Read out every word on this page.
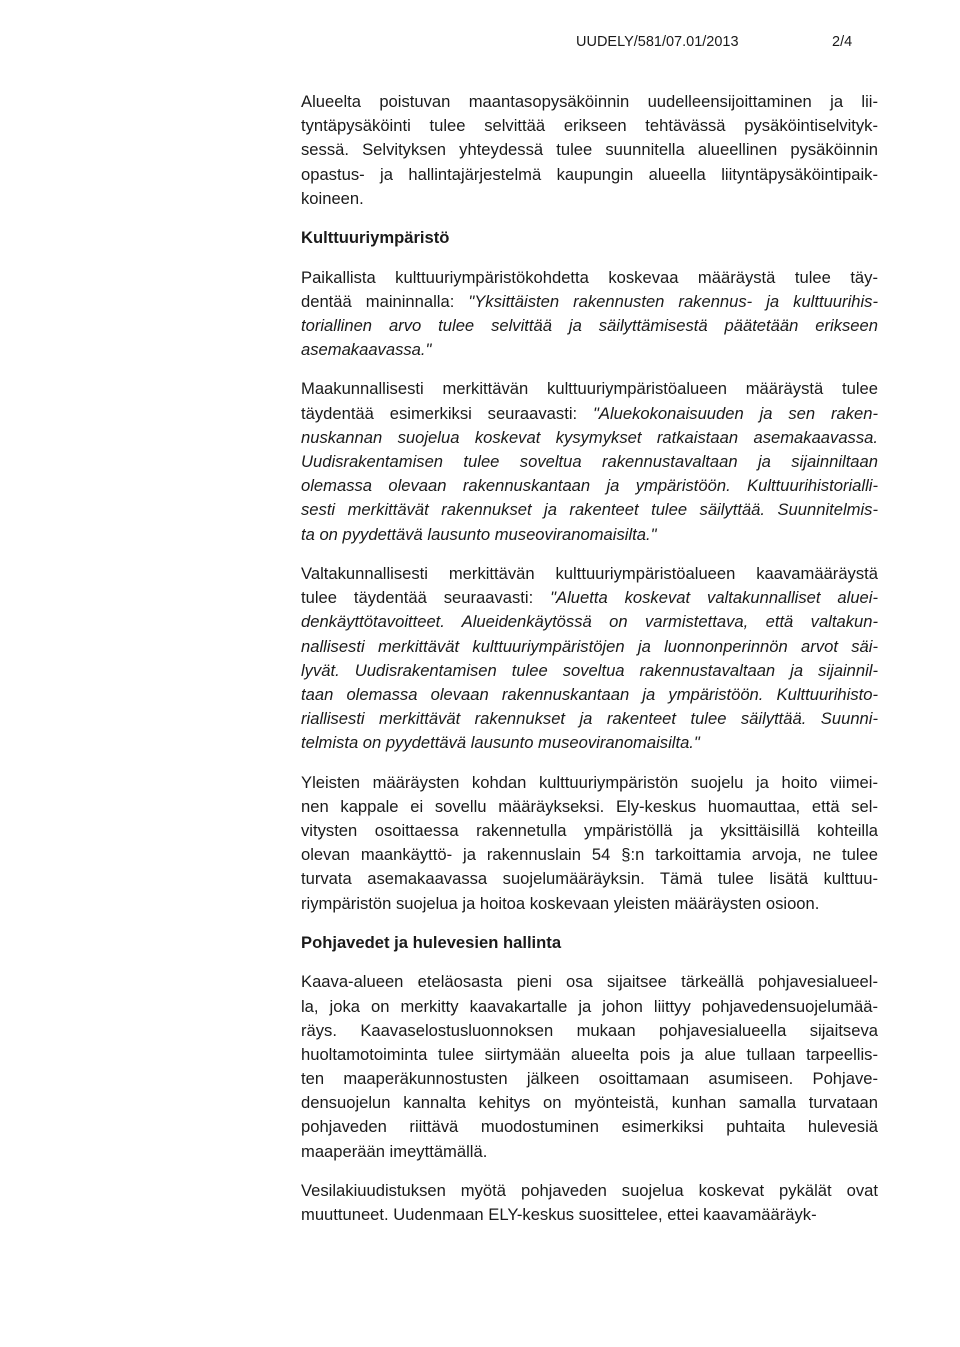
UUDELY/581/07.01/2013	2/4
Alueelta poistuvan maantasopysäköinnin uudelleensijoittaminen ja lii-
tyntäpysäköinti tulee selvittää erikseen tehtävässä pysäköintiselvityk-
sessä. Selvityksen yhteydessä tulee suunnitella alueellinen pysäköinnin
opastus- ja hallintajärjestelmä kaupungin alueella liityntäpysäköintipaik-
koineen.
Kulttuuriympäristö
Paikallista kulttuuriympäristökohdetta koskevaa määräystä tulee täy-
dentää maininnalla: "Yksittäisten rakennusten rakennus- ja kulttuurihis-
toriallinen arvo tulee selvittää ja säilyttämisestä päätetään erikseen
asemakaavassa."
Maakunnallisesti merkittävän kulttuuriympäristöalueen määräystä tulee
täydentää esimerkiksi seuraavasti: "Aluekokonaisuuden ja sen raken-
nuskannan suojelua koskevat kysymykset ratkaistaan asemakaavassa.
Uudisrakentamisen tulee soveltua rakennustavaltaan ja sijainniltaan
olemassa olevaan rakennuskantaan ja ympäristöön. Kulttuurihistorialli-
sesti merkittävät rakennukset ja rakenteet tulee säilyttää. Suunnitelmis-
ta on pyydettävä lausunto museoviranomaisilta."
Valtakunnallisesti merkittävän kulttuuriympäristöalueen kaavamääräystä
tulee täydentää seuraavasti: "Aluetta koskevat valtakunnalliset aluei-
denkäyttötavoitteet. Alueidenkäytössä on varmistettava, että valtakun-
nallisesti merkittävät kulttuuriympäristöjen ja luonnonperinnön arvot säi-
lyvät. Uudisrakentamisen tulee soveltua rakennustavaltaan ja sijainnil-
taan olemassa olevaan rakennuskantaan ja ympäristöön. Kulttuurihisto-
riallisesti merkittävät rakennukset ja rakenteet tulee säilyttää. Suunni-
telmista on pyydettävä lausunto museoviranomaisilta."
Yleisten määräysten kohdan kulttuuriympäristön suojelu ja hoito viimei-
nen kappale ei sovellu määräykseksi. Ely-keskus huomauttaa, että sel-
vitysten osoittaessa rakennetulla ympäristöllä ja yksittäisillä kohteilla
olevan maankäyttö- ja rakennuslain 54 §:n tarkoittamia arvoja, ne tulee
turvata asemakaavassa suojelumääräyksin. Tämä tulee lisätä kulttuu-
riympäristön suojelua ja hoitoa koskevaan yleisten määräysten osioon.
Pohjavedet ja hulevesien hallinta
Kaava-alueen eteläosasta pieni osa sijaitsee tärkeällä pohjavesialueel-
la, joka on merkitty kaavakartalle ja johon liittyy pohjavedensuojelumää-
räys. Kaavaselostusluonnoksen mukaan pohjavesialueella sijaitseva
huoltamotoiminta tulee siirtymään alueelta pois ja alue tullaan tarpeellis-
ten maaperäkunnostusten jälkeen osoittamaan asumiseen. Pohjave-
densuojelun kannalta kehitys on myönteistä, kunhan samalla turvataan
pohjaveden riittävä muodostuminen esimerkiksi puhtaita hulevesiä
maaperään imeyttämällä.
Vesilakiuudistuksen myötä pohjaveden suojelua koskevat pykälät ovat
muuttuneet. Uudenmaan ELY-keskus suosittelee, ettei kaavamääräyk-
